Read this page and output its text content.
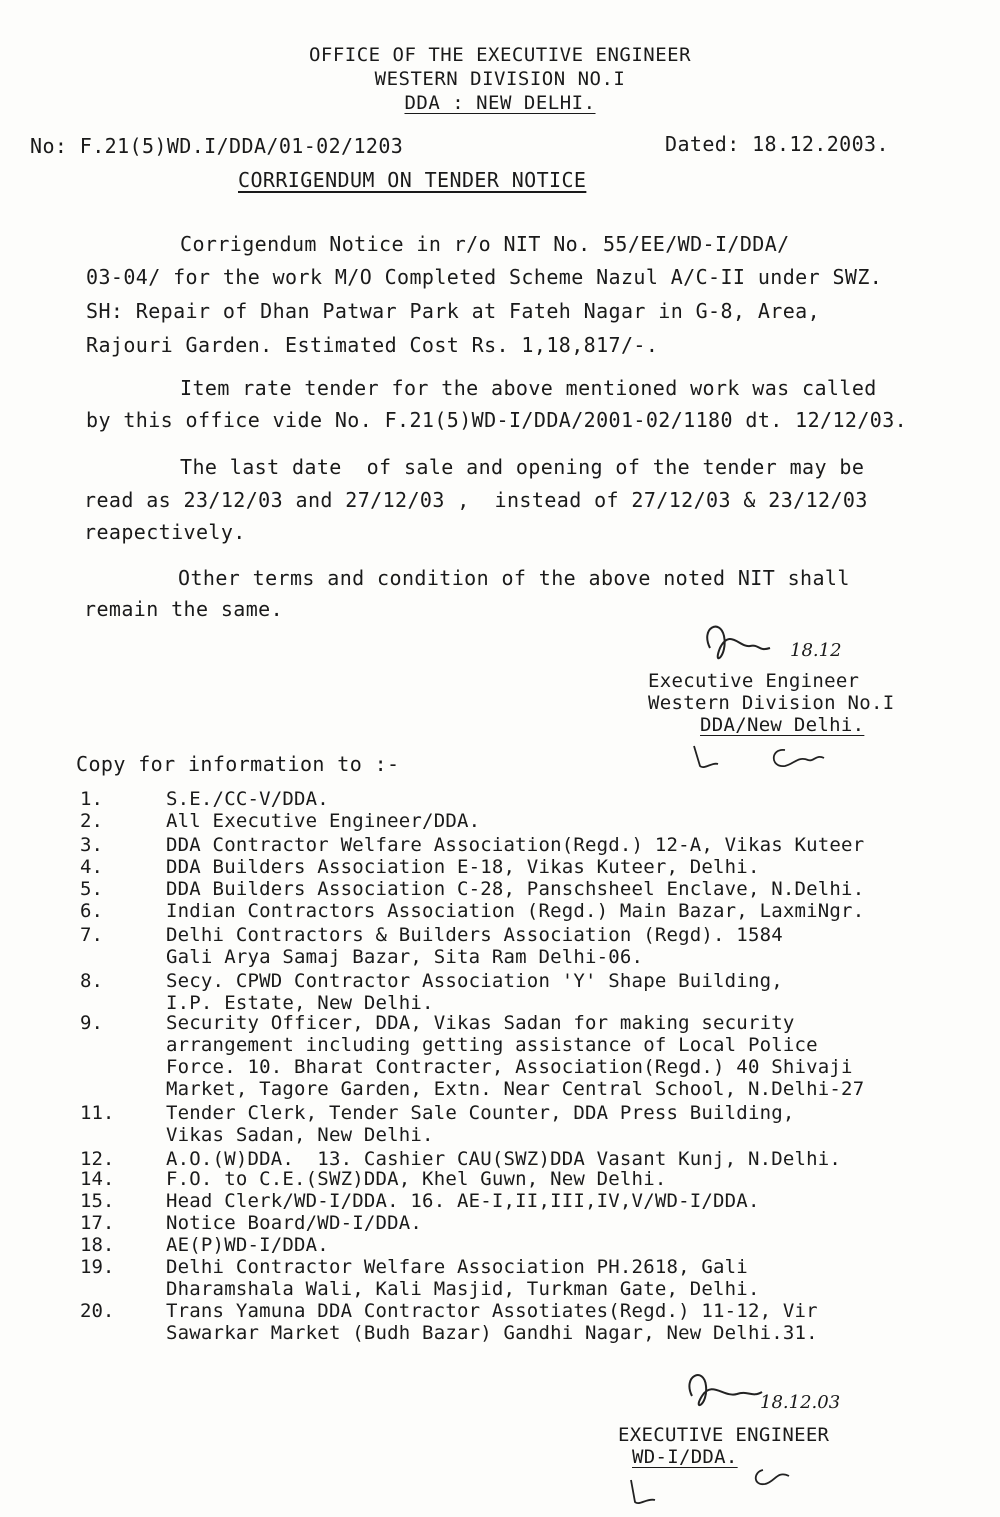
OFFICE OF THE EXECUTIVE ENGINEER
WESTERN DIVISION NO.I
DDA : NEW DELHI.
No: F.21(5)WD.I/DDA/01-02/1203	Dated: 18.12.2003.
CORRIGENDUM ON TENDER NOTICE
Corrigendum Notice in r/o NIT No. 55/EE/WD-I/DDA/
03-04/ for the work M/O Completed Scheme Nazul A/C-II under SWZ.
SH: Repair of Dhan Patwar Park at Fateh Nagar in G-8, Area,
Rajouri Garden. Estimated Cost Rs. 1,18,817/-.
Item rate tender for the above mentioned work was called
by this office vide No. F.21(5)WD-I/DDA/2001-02/1180 dt. 12/12/03.
The last date  of sale and opening of the tender may be
read as 23/12/03 and 27/12/03 ,  instead of 27/12/03 & 23/12/03
reapectively.
Other terms and condition of the above noted NIT shall
remain the same.
18.12
Executive Engineer
Western Division No.I
DDA/New Delhi.
Copy for information to :-
1.	S.E./CC-V/DDA.
2.	All Executive Engineer/DDA.
3.	DDA Contractor Welfare Association(Regd.) 12-A, Vikas Kuteer
4.	DDA Builders Association E-18, Vikas Kuteer, Delhi.
5.	DDA Builders Association C-28, Panschsheel Enclave, N.Delhi.
6.	Indian Contractors Association (Regd.) Main Bazar, LaxmiNgr.
7.	Delhi Contractors & Builders Association (Regd). 1584
Gali Arya Samaj Bazar, Sita Ram Delhi-06.
8.	Secy. CPWD Contractor Association 'Y' Shape Building,
I.P. Estate, New Delhi.
9.	Security Officer, DDA, Vikas Sadan for making security
arrangement including getting assistance of Local Police
Force. 10. Bharat Contracter, Association(Regd.) 40 Shivaji
Market, Tagore Garden, Extn. Near Central School, N.Delhi-27
11.	Tender Clerk, Tender Sale Counter, DDA Press Building,
Vikas Sadan, New Delhi.
12.	A.O.(W)DDA.  13. Cashier CAU(SWZ)DDA Vasant Kunj, N.Delhi.
14.	F.O. to C.E.(SWZ)DDA, Khel Guwn, New Delhi.
15.	Head Clerk/WD-I/DDA. 16. AE-I,II,III,IV,V/WD-I/DDA.
17.	Notice Board/WD-I/DDA.
18.	AE(P)WD-I/DDA.
19.	Delhi Contractor Welfare Association PH.2618, Gali
Dharamshala Wali, Kali Masjid, Turkman Gate, Delhi.
20.	Trans Yamuna DDA Contractor Assotiates(Regd.) 11-12, Vir
Sawarkar Market (Budh Bazar) Gandhi Nagar, New Delhi.31.
18.12.03
EXECUTIVE ENGINEER
WD-I/DDA.
